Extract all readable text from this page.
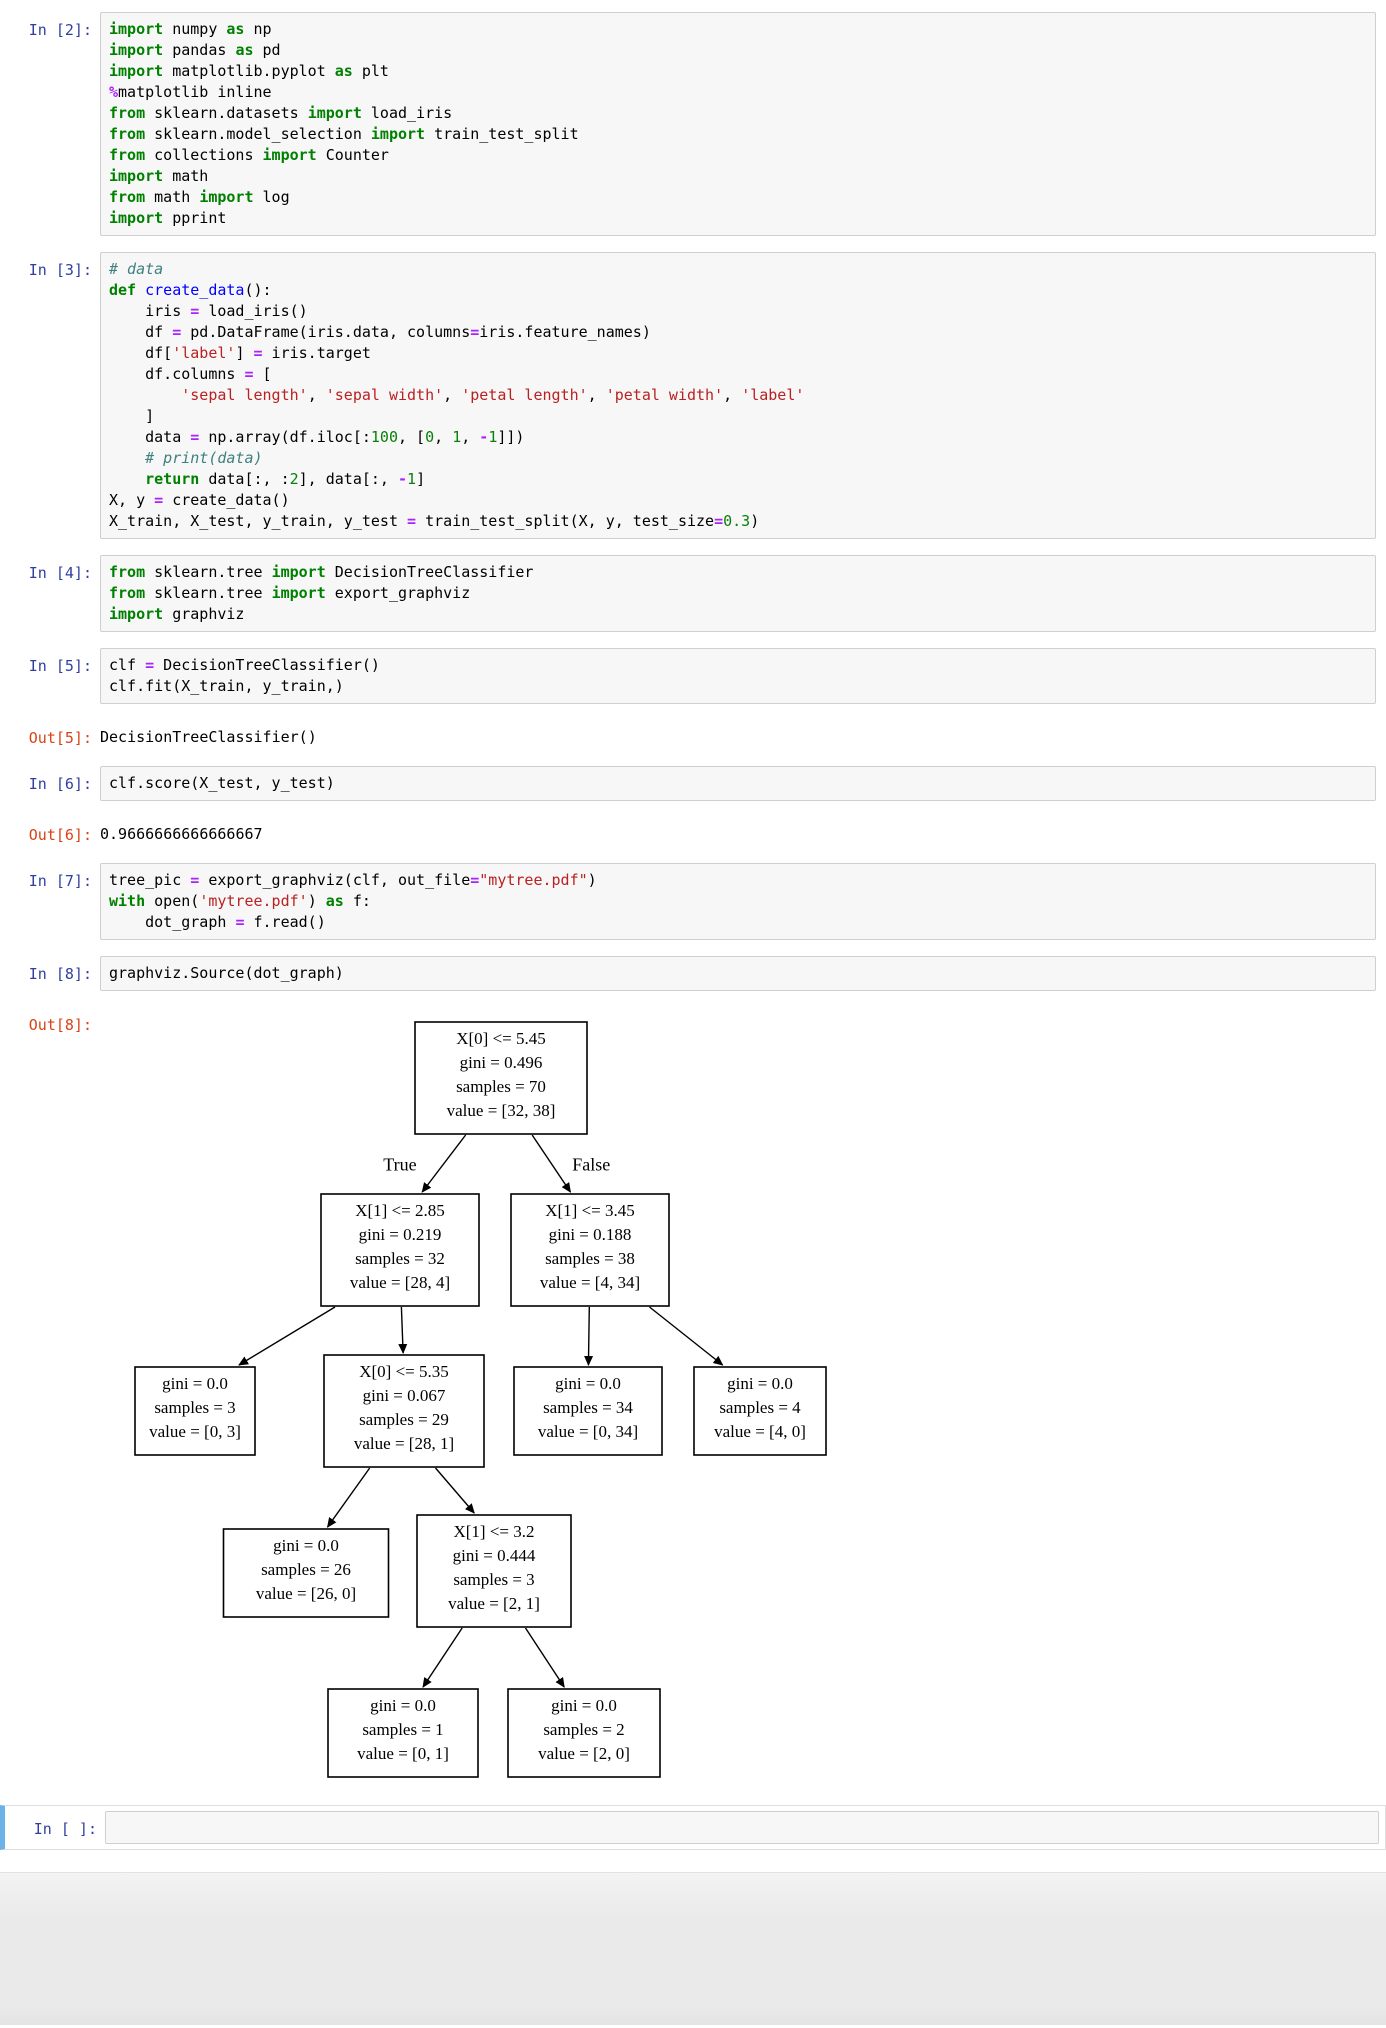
In [2]:	import numpy as np
import pandas as pd
import matplotlib.pyplot as plt
%matplotlib inline
from sklearn.datasets import load_iris
from sklearn.model_selection import train_test_split
from collections import Counter
import math
from math import log
import pprint
In [3]:	# data
def create_data():
iris = load_iris()
df = pd.DataFrame(iris.data, columns=iris.feature_names)
df['label'] = iris.target
df.columns = [
'sepal length', 'sepal width', 'petal length', 'petal width', 'label'
]
data = np.array(df.iloc[:100, [0, 1, -1]])
# print(data)
return data[:, :2], data[:, -1]
X, y = create_data()
X_train, X_test, y_train, y_test = train_test_split(X, y, test_size=0.3)
In [4]:	from sklearn.tree import DecisionTreeClassifier
from sklearn.tree import export_graphviz
import graphviz
In [5]:	clf = DecisionTreeClassifier()
clf.fit(X_train, y_train,)
Out[5]: DecisionTreeClassifier()
In [6]:	clf.score(X_test, y_test)
Out[6]: 0.9666666666666667
In [7]:	tree_pic = export_graphviz(clf, out_file="mytree.pdf")
with open('mytree.pdf') as f:
dot_graph = f.read()
In [8]:	graphviz.Source(dot_graph)
Out[8]:
True	False
X[0] <= 5.45
gini = 0.496
samples = 70
value = [32, 38]
X[1] <= 2.85
gini = 0.219
samples = 32
value = [28, 4]
X[1] <= 3.45
gini = 0.188
samples = 38
value = [4, 34]
gini = 0.0
samples = 3
value = [0, 3]
X[0] <= 5.35
gini = 0.067
samples = 29
value = [28, 1]
gini = 0.0
samples = 34
value = [0, 34]
gini = 0.0
samples = 4
value = [4, 0]
gini = 0.0
samples = 26
value = [26, 0]
X[1] <= 3.2
gini = 0.444
samples = 3
value = [2, 1]
gini = 0.0
samples = 1
value = [0, 1]
gini = 0.0
samples = 2
value = [2, 0]
In [ ]:
